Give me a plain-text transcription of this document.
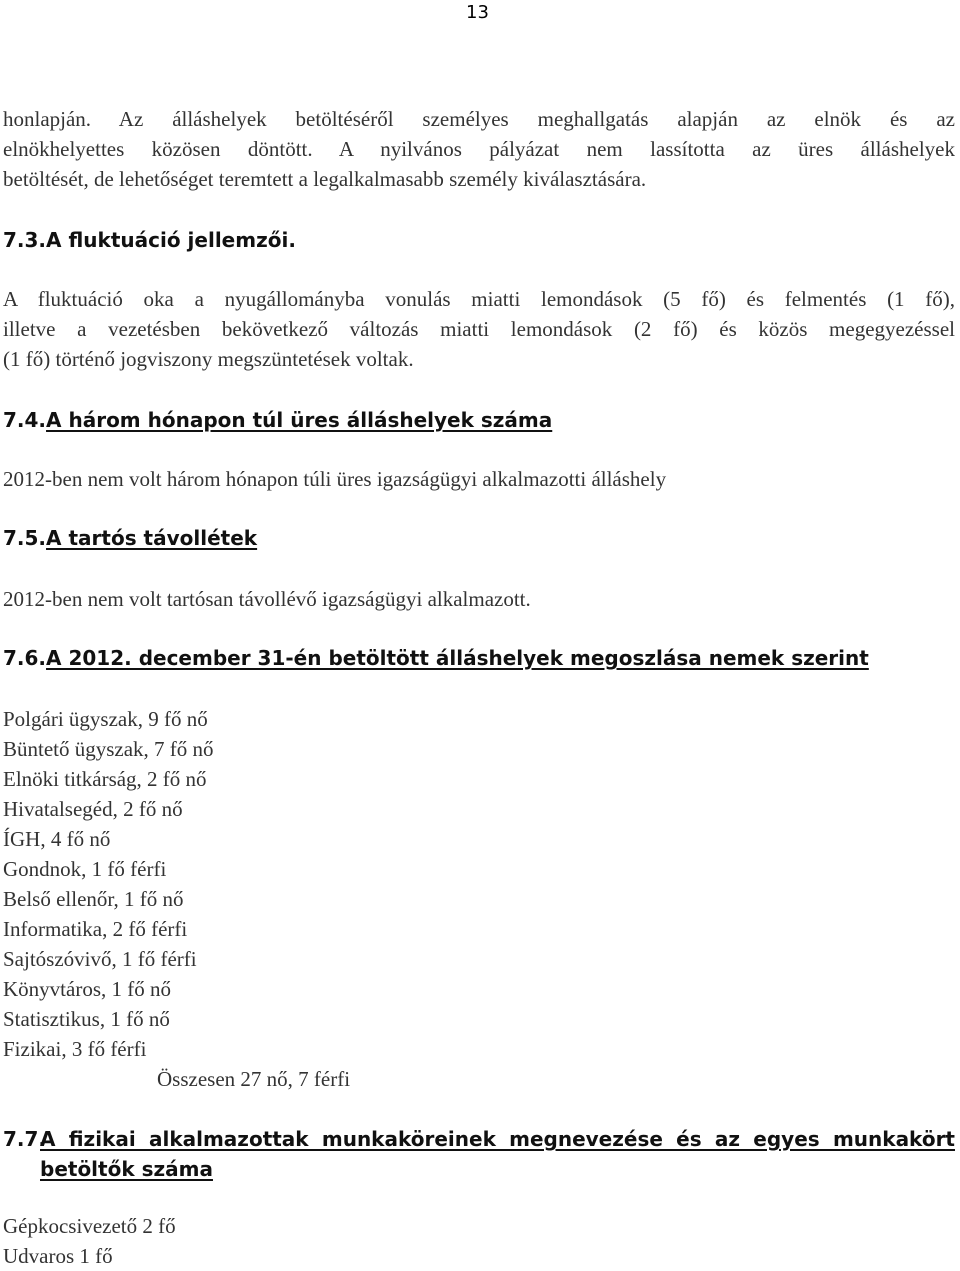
13
honlapján. Az álláshelyek betöltéséről személyes meghallgatás alapján az elnök és az
elnökhelyettes közösen döntött. A nyilvános pályázat nem lassította az üres álláshelyek
betöltését, de lehetőséget teremtett a legalkalmasabb személy kiválasztására.
7.3.A fluktuáció jellemzői.
A fluktuáció oka a nyugállományba vonulás miatti lemondások (5 fő) és felmentés (1 fő),
illetve a vezetésben bekövetkező változás miatti lemondások (2 fő) és közös megegyezéssel
(1 fő) történő jogviszony megszüntetések voltak.
7.4.A három hónapon túl üres álláshelyek száma
2012-ben nem volt három hónapon túli üres igazságügyi alkalmazotti álláshely
7.5.A tartós távollétek
2012-ben nem volt tartósan távollévő igazságügyi alkalmazott.
7.6.A 2012. december 31-én betöltött álláshelyek megoszlása nemek szerint
Polgári ügyszak, 9 fő nő
Büntető ügyszak, 7 fő nő
Elnöki titkárság, 2 fő nő
Hivatalsegéd, 2 fő nő
ÍGH, 4 fő nő
Gondnok, 1 fő férfi
Belső ellenőr, 1 fő nő
Informatika, 2 fő férfi
Sajtószóvivő, 1 fő férfi
Könyvtáros, 1 fő nő
Statisztikus, 1 fő nő
Fizikai, 3 fő férfi
Összesen 27 nő, 7 férfi
7.7.
A fizikai alkalmazottak munkaköreinek megnevezése és az egyes munkakört
betöltők száma
Gépkocsivezető 2 fő
Udvaros 1 fő
